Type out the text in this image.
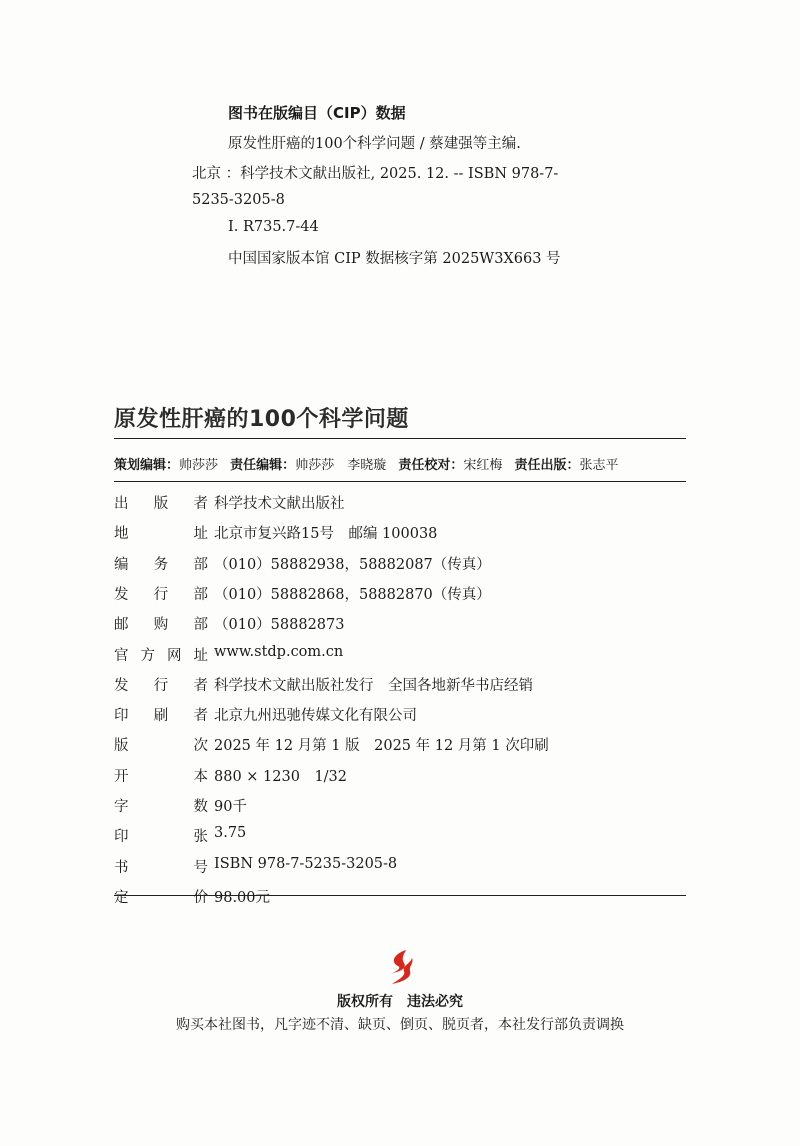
图书在版编目（CIP）数据
原发性肝癌的100个科学问题 / 蔡建强等主编.
北京 ：科学技术文献出版社, 2025. 12. -- ISBN 978-7-
5235-3205-8
Ⅰ. R735.7-44
中国国家版本馆 CIP 数据核字第 2025W3X663 号
原发性肝癌的100个科学问题
策划编辑：帅莎莎 责任编辑：帅莎莎　李晓璇 责任校对：宋红梅 责任出版：张志平
出 版 者 科学技术文献出版社
地	址 北京市复兴路15号　邮编 100038
编 务 部 （010）58882938，58882087（传真）
发 行 部 （010）58882868，58882870（传真）
邮 购 部 （010）58882873
官 方 网 址 www.stdp.com.cn
发 行 者 科学技术文献出版社发行　全国各地新华书店经销
印 刷 者 北京九州迅驰传媒文化有限公司
版	次 2025 年 12 月第 1 版　2025 年 12 月第 1 次印刷
开	本 880 × 1230　1/32
字	数 90千
印	张 3.75
书	号 ISBN 978-7-5235-3205-8
定	价 98.00元
版权所有　违法必究
购买本社图书，凡字迹不清、缺页、倒页、脱页者，本社发行部负责调换
